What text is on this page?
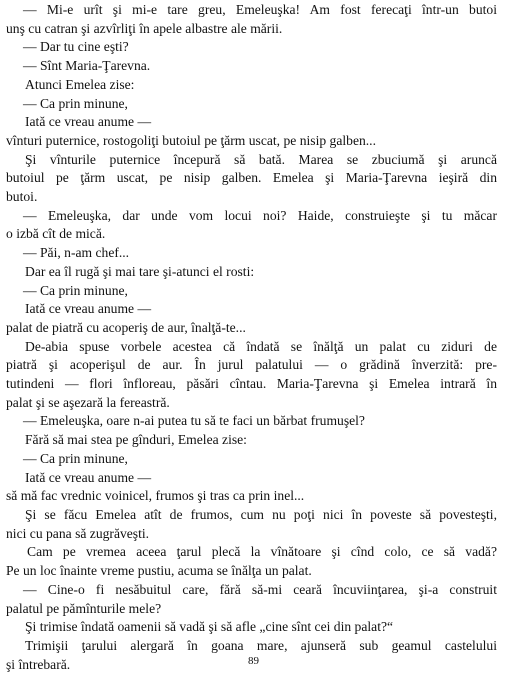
— Mi-e urît şi mi-e tare greu, Emeleuşka! Am fost ferecaţi într-un butoi
unş cu catran şi azvîrliţi în apele albastre ale mării.
— Dar tu cine eşti?
— Sînt Maria-Ţarevna.
Atunci Emelea zise:
— Ca prin minune,
Iată ce vreau anume —
vînturi puternice, rostogoliţi butoiul pe ţărm uscat, pe nisip galben...
Şi vînturile puternice începură să bată. Marea se zbuciumă şi aruncă
butoiul pe ţărm uscat, pe nisip galben. Emelea şi Maria-Ţarevna ieşiră din
butoi.
— Emeleuşka, dar unde vom locui noi? Haide, construieşte şi tu măcar
o izbă cît de mică.
— Păi, n-am chef...
Dar ea îl rugă şi mai tare şi-atunci el rosti:
— Ca prin minune,
Iată ce vreau anume —
palat de piatră cu acoperiş de aur, înalţă-te...
De-abia spuse vorbele acestea că îndată se înălţă un palat cu ziduri de
piatră şi acoperişul de aur. În jurul palatului — o grădină înverzită: pre-
tutindeni — flori înfloreau, păsări cîntau. Maria-Ţarevna şi Emelea intrară în
palat şi se aşezară la fereastră.
— Emeleuşka, oare n-ai putea tu să te faci un bărbat frumuşel?
Fără să mai stea pe gînduri, Emelea zise:
— Ca prin minune,
Iată ce vreau anume —
să mă fac vrednic voinicel, frumos şi tras ca prin inel...
Şi se făcu Emelea atît de frumos, cum nu poţi nici în poveste să povesteşti,
nici cu pana să zugrăveşti.
Cam pe vremea aceea ţarul plecă la vînătoare şi cînd colo, ce să vadă?
Pe un loc înainte vreme pustiu, acuma se înălţa un palat.
— Cine-o fi nesăbuitul care, fără să-mi ceară încuviinţarea, şi-a construit
palatul pe pămînturile mele?
Şi trimise îndată oamenii să vadă şi să afle „cine sînt cei din palat?“
Trimişii ţarului alergară în goana mare, ajunseră sub geamul castelului
şi întrebară.	89
